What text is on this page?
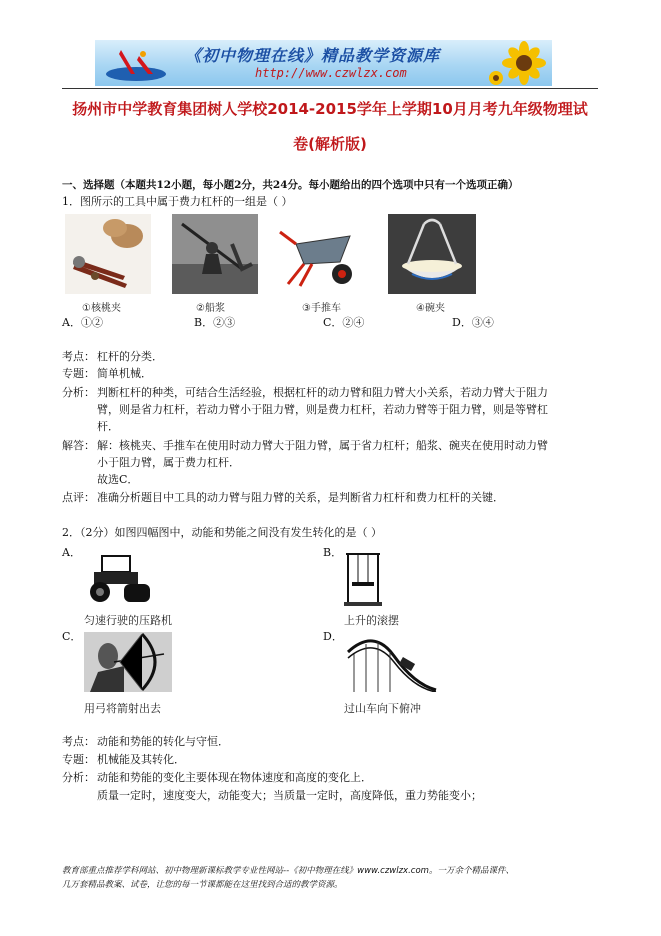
《初中物理在线》精品教学资源库
http://www.czwlzx.com
扬州市中学教育集团树人学校2014-2015学年上学期10月月考九年级物理试
卷(解析版)
一、选择题（本题共12小题，每小题2分，共24分。每小题给出的四个选项中只有一个选项正确）
1．图所示的工具中属于费力杠杆的一组是（ ）
①核桃夹	②船浆	③手推车	④碗夹
A．①②	B．②③	C．②④	D．③④
考点： 杠杆的分类．
专题： 简单机械．
分析： 判断杠杆的种类，可结合生活经验，根据杠杆的动力臂和阻力臂大小关系，若动力臂大于阻力
臂，则是省力杠杆，若动力臂小于阻力臂，则是费力杠杆，若动力臂等于阻力臂，则是等臂杠
杆．
解答： 解：核桃夹、手推车在使用时动力臂大于阻力臂，属于省力杠杆；船浆、碗夹在使用时动力臂
小于阻力臂，属于费力杠杆．
故选C．
点评： 准确分析题目中工具的动力臂与阻力臂的关系，是判断省力杠杆和费力杠杆的关键．
2．（2分）如图四幅图中，动能和势能之间没有发生转化的是（ ）
A．	B．
匀速行驶的压路机	上升的滚摆
C．	D．
用弓将箭射出去	过山车向下俯冲
考点： 动能和势能的转化与守恒．
专题： 机械能及其转化．
分析： 动能和势能的变化主要体现在物体速度和高度的变化上．
质量一定时，速度变大，动能变大；当质量一定时，高度降低，重力势能变小；
教育部重点推荐学科网站、初中物理新课标教学专业性网站--《初中物理在线》www.czwlzx.com。一万余个精品课件、
几万套精品教案、试卷，让您的每一节课都能在这里找到合适的教学资源。
